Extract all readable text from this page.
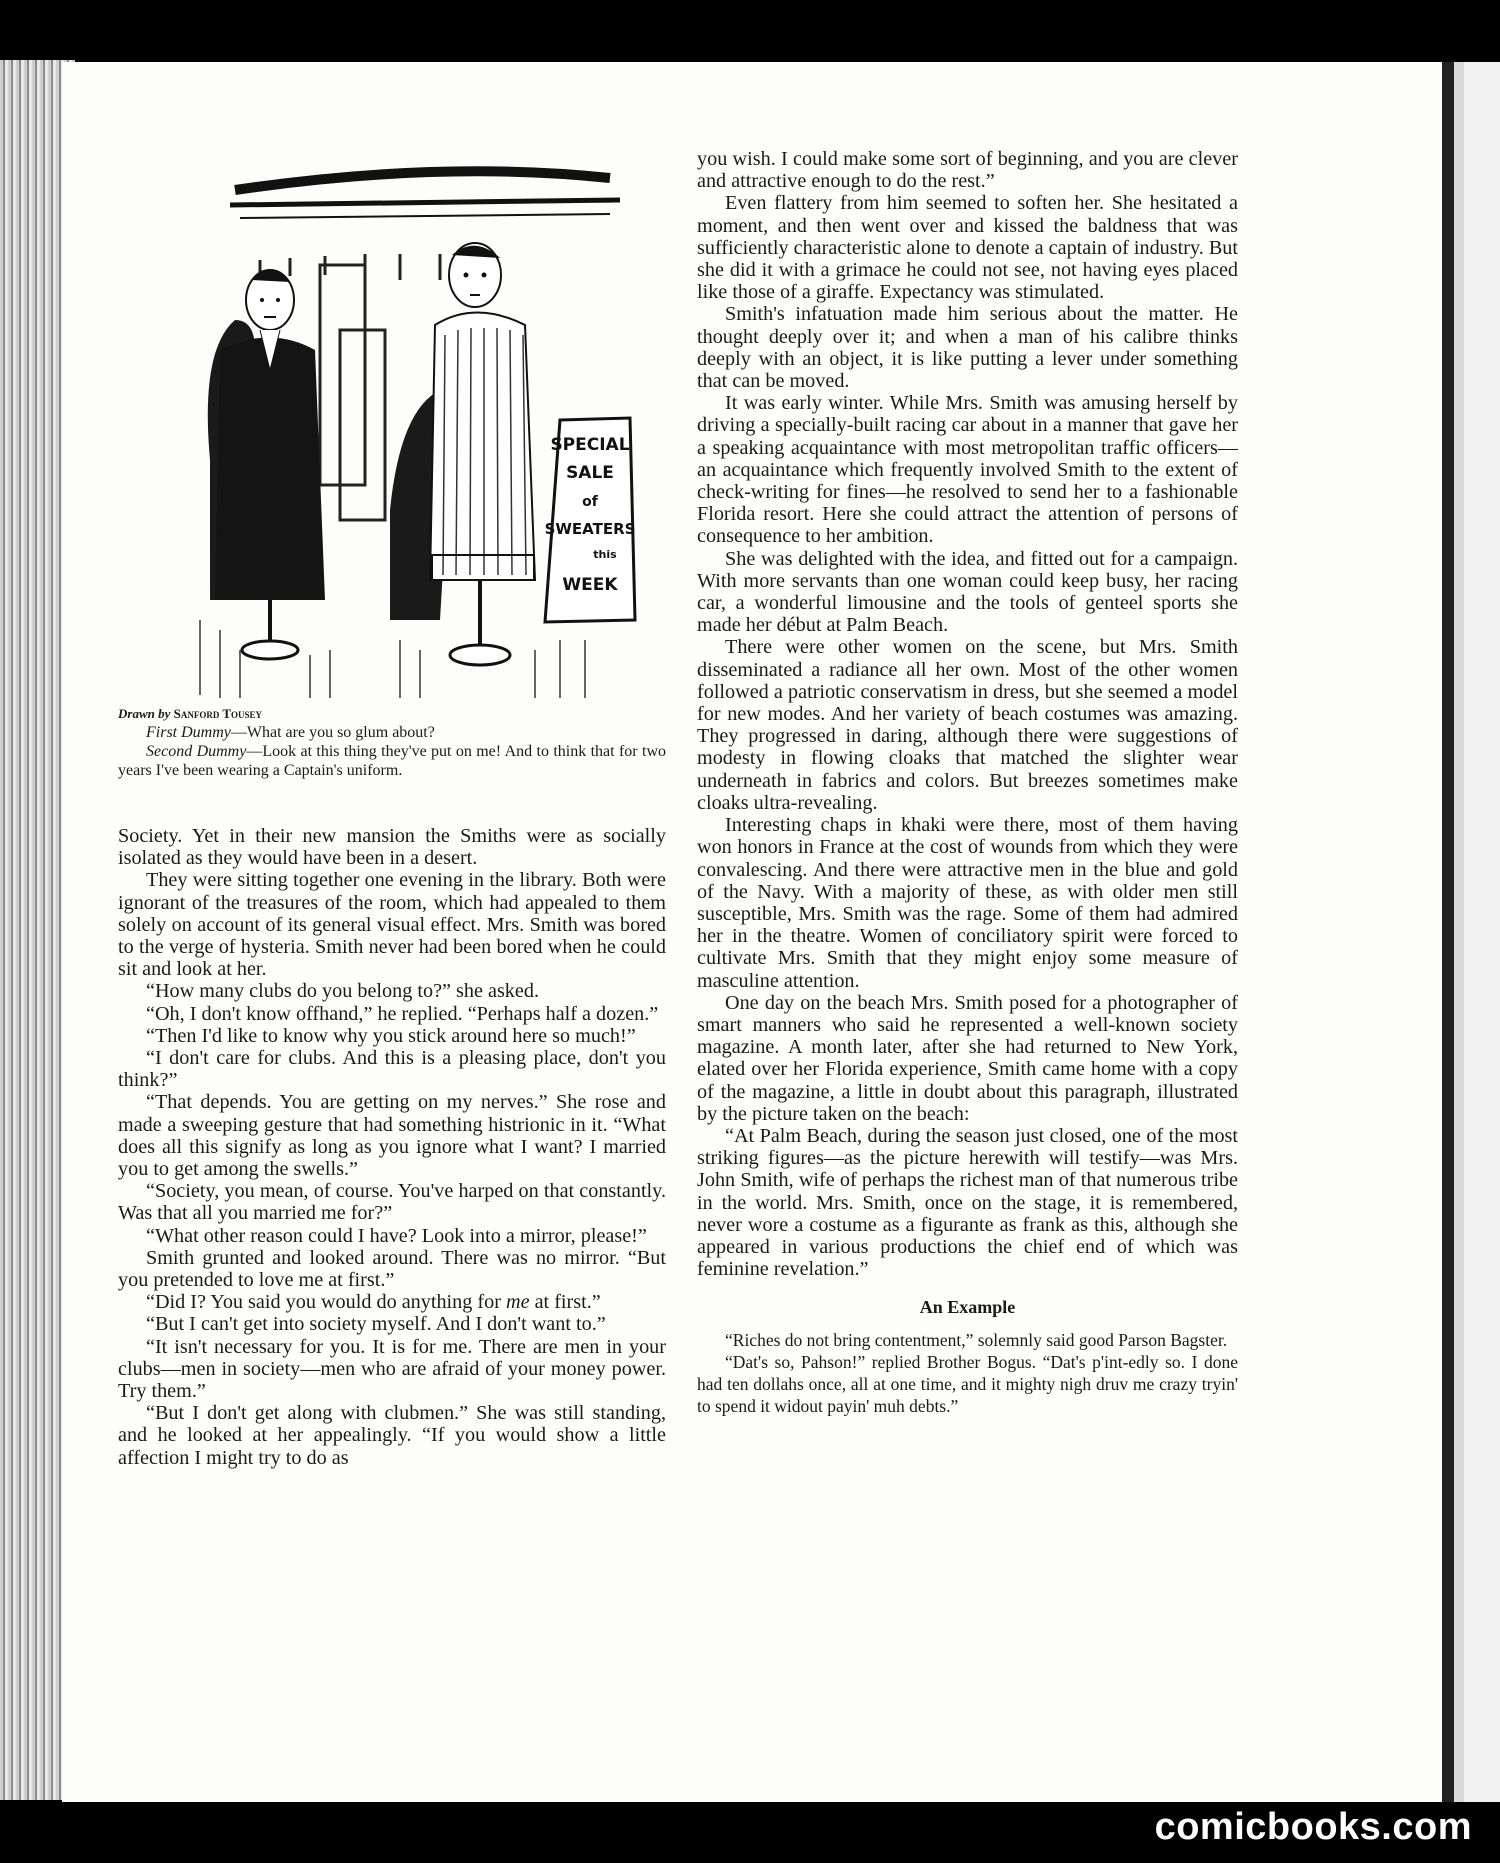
SPECIAL
SALE
of
SWEATERS
this
WEEK

Drawn by Sanford Tousey

First Dummy—What are you so glum about?

Second Dummy—Look at this thing they've put on me! And to think that for two years I've been wearing a Captain's uniform.

Society. Yet in their new mansion the Smiths were as socially isolated as they would have been in a desert.

They were sitting together one evening in the library. Both were ignorant of the treasures of the room, which had appealed to them solely on account of its general visual effect. Mrs. Smith was bored to the verge of hysteria. Smith never had been bored when he could sit and look at her.

“How many clubs do you belong to?” she asked.

“Oh, I don't know offhand,” he replied. “Perhaps half a dozen.”

“Then I'd like to know why you stick around here so much!”

“I don't care for clubs. And this is a pleasing place, don't you think?”

“That depends. You are getting on my nerves.” She rose and made a sweeping gesture that had something histrionic in it. “What does all this signify as long as you ignore what I want? I married you to get among the swells.”

“Society, you mean, of course. You've harped on that constantly. Was that all you married me for?”

“What other reason could I have? Look into a mirror, please!”

Smith grunted and looked around. There was no mirror. “But you pretended to love me at first.”

“Did I? You said you would do anything for me at first.”

“But I can't get into society myself. And I don't want to.”

“It isn't necessary for you. It is for me. There are men in your clubs—men in society—men who are afraid of your money power. Try them.”

“But I don't get along with clubmen.” She was still standing, and he looked at her appealingly. “If you would show a little affection I might try to do as

you wish. I could make some sort of beginning, and you are clever and attractive enough to do the rest.”

Even flattery from him seemed to soften her. She hesitated a moment, and then went over and kissed the baldness that was sufficiently characteristic alone to denote a captain of industry. But she did it with a grimace he could not see, not having eyes placed like those of a giraffe. Expectancy was stimulated.

Smith's infatuation made him serious about the matter. He thought deeply over it; and when a man of his calibre thinks deeply with an object, it is like putting a lever under something that can be moved.

It was early winter. While Mrs. Smith was amusing herself by driving a specially-built racing car about in a manner that gave her a speaking acquaintance with most metropolitan traffic officers—an acquaintance which frequently involved Smith to the extent of check-writing for fines—he resolved to send her to a fashionable Florida resort. Here she could attract the attention of persons of consequence to her ambition.

She was delighted with the idea, and fitted out for a campaign. With more servants than one woman could keep busy, her racing car, a wonderful limousine and the tools of genteel sports she made her début at Palm Beach.

There were other women on the scene, but Mrs. Smith disseminated a radiance all her own. Most of the other women followed a patriotic conservatism in dress, but she seemed a model for new modes. And her variety of beach costumes was amazing. They progressed in daring, although there were suggestions of modesty in flowing cloaks that matched the slighter wear underneath in fabrics and colors. But breezes sometimes make cloaks ultra-revealing.

Interesting chaps in khaki were there, most of them having won honors in France at the cost of wounds from which they were convalescing. And there were attractive men in the blue and gold of the Navy. With a majority of these, as with older men still susceptible, Mrs. Smith was the rage. Some of them had admired her in the theatre. Women of conciliatory spirit were forced to cultivate Mrs. Smith that they might enjoy some measure of masculine attention.

One day on the beach Mrs. Smith posed for a photographer of smart manners who said he represented a well-known society magazine. A month later, after she had returned to New York, elated over her Florida experience, Smith came home with a copy of the magazine, a little in doubt about this paragraph, illustrated by the picture taken on the beach:

“At Palm Beach, during the season just closed, one of the most striking figures—as the picture herewith will testify—was Mrs. John Smith, wife of perhaps the richest man of that numerous tribe in the world. Mrs. Smith, once on the stage, it is remembered, never wore a costume as a figurante as frank as this, although she appeared in various productions the chief end of which was feminine revelation.”

An Example

“Riches do not bring contentment,” solemnly said good Parson Bagster.

“Dat's so, Pahson!” replied Brother Bogus. “Dat's p'int-edly so. I done had ten dollahs once, all at one time, and it mighty nigh druv me crazy tryin' to spend it widout payin' muh debts.”

comicbooks.com
